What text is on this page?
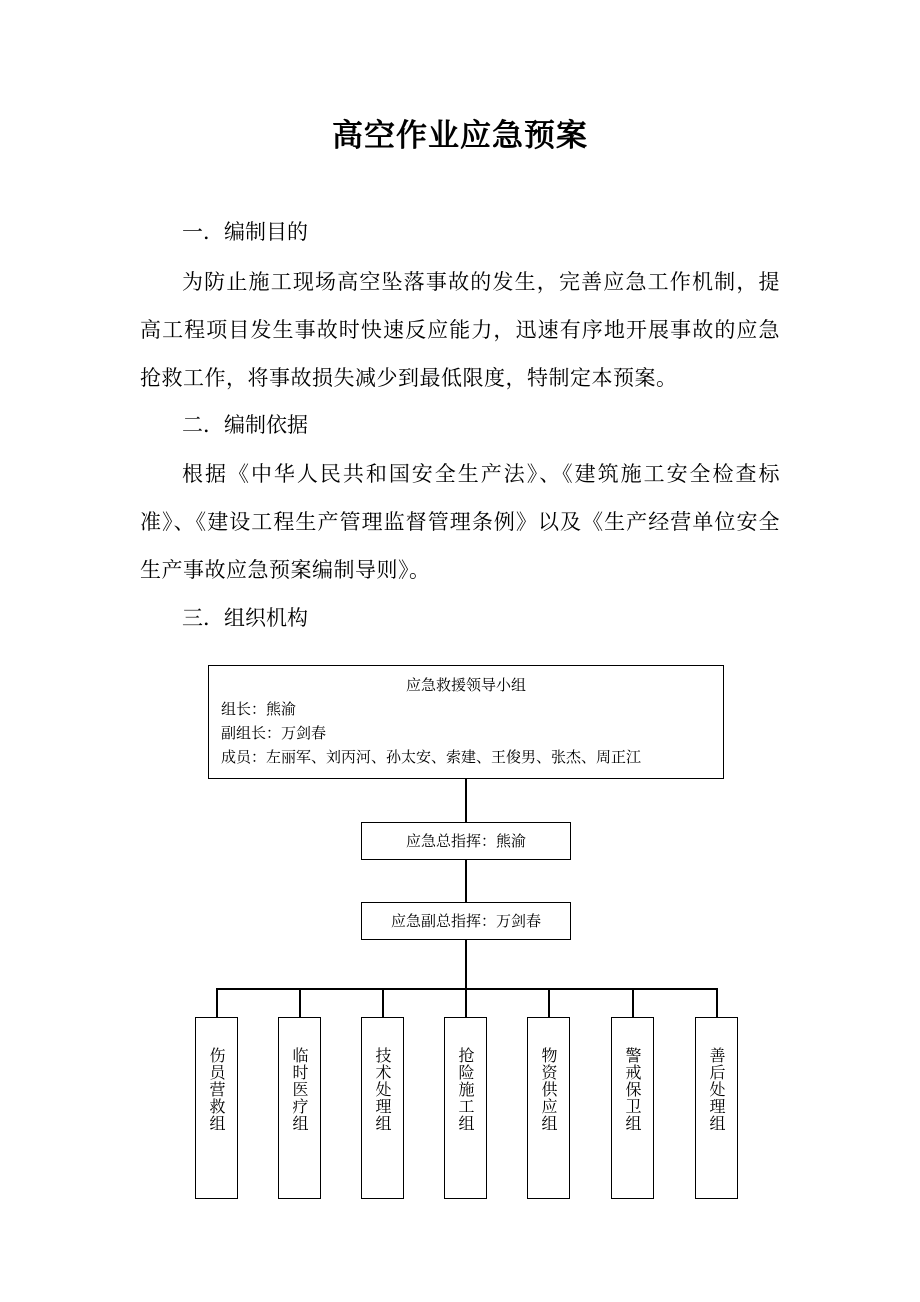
高空作业应急预案
一．编制目的
为防止施工现场高空坠落事故的发生，完善应急工作机制，提高工程项目发生事故时快速反应能力，迅速有序地开展事故的应急抢救工作，将事故损失减少到最低限度，特制定本预案。
二．编制依据
根据《中华人民共和国安全生产法》、《建筑施工安全检查标准》、《建设工程生产管理监督管理条例》以及《生产经营单位安全生产事故应急预案编制导则》。
三．组织机构
应急救援领导小组
组长：熊渝
副组长：万剑春
成员：左丽军、刘丙河、孙太安、索建、王俊男、张杰、周正江
应急总指挥：熊渝
应急副总指挥：万剑春
伤员营救组	临时医疗组	技术处理组	抢险施工组	物资供应组	警戒保卫组	善后处理组
